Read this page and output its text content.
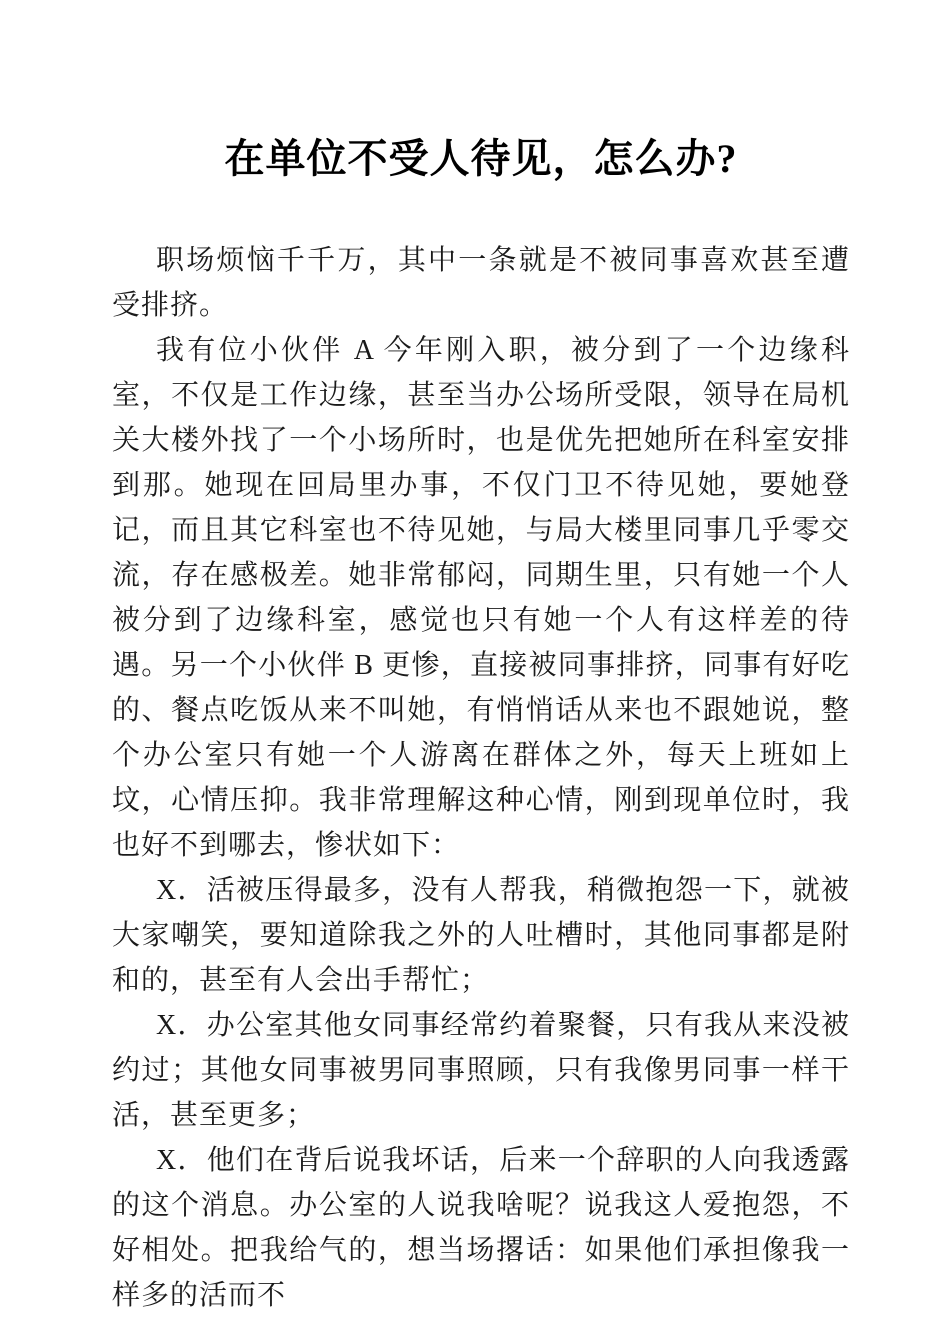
在单位不受人待见，怎么办?

职场烦恼千千万，其中一条就是不被同事喜欢甚至遭受排挤。

我有位小伙伴 A 今年刚入职，被分到了一个边缘科室，不仅是工作边缘，甚至当办公场所受限，领导在局机关大楼外找了一个小场所时，也是优先把她所在科室安排到那。她现在回局里办事，不仅门卫不待见她，要她登记，而且其它科室也不待见她，与局大楼里同事几乎零交流，存在感极差。她非常郁闷，同期生里，只有她一个人被分到了边缘科室，感觉也只有她一个人有这样差的待遇。另一个小伙伴 B 更惨，直接被同事排挤，同事有好吃的、餐点吃饭从来不叫她，有悄悄话从来也不跟她说，整个办公室只有她一个人游离在群体之外，每天上班如上坟，心情压抑。我非常理解这种心情，刚到现单位时，我也好不到哪去，惨状如下：

X．活被压得最多，没有人帮我，稍微抱怨一下，就被大家嘲笑，要知道除我之外的人吐槽时，其他同事都是附和的，甚至有人会出手帮忙；

X．办公室其他女同事经常约着聚餐，只有我从来没被约过；其他女同事被男同事照顾，只有我像男同事一样干活，甚至更多；

X．他们在背后说我坏话，后来一个辞职的人向我透露的这个消息。办公室的人说我啥呢？说我这人爱抱怨，不好相处。把我给气的，想当场撂话：如果他们承担像我一样多的活而不
